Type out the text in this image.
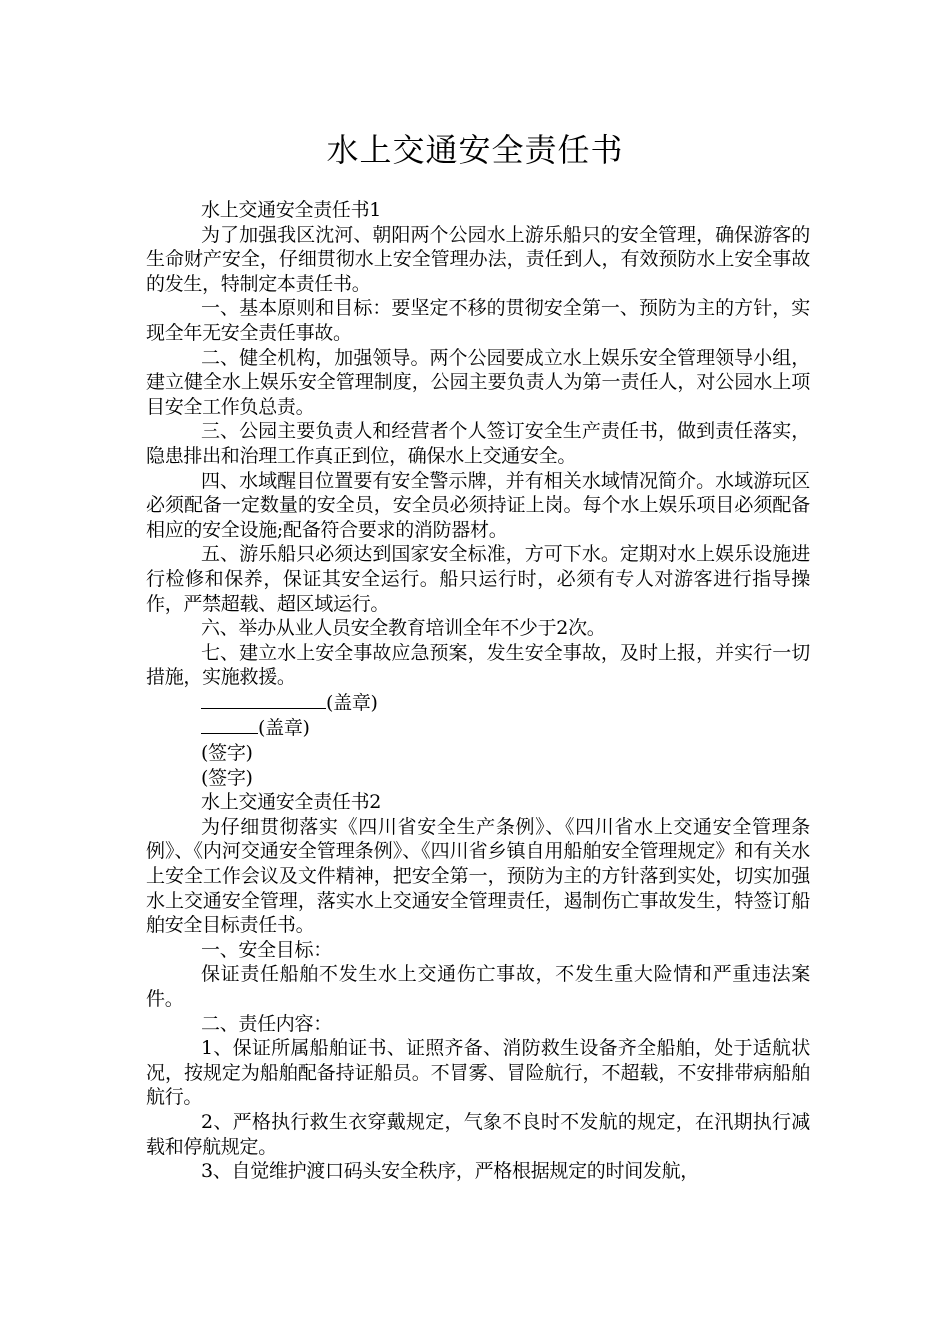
水上交通安全责任书

水上交通安全责任书1

为了加强我区沈河、朝阳两个公园水上游乐船只的安全管理，确保游客的生命财产安全，仔细贯彻水上安全管理办法，责任到人，有效预防水上安全事故的发生，特制定本责任书。

一、基本原则和目标：要坚定不移的贯彻安全第一、预防为主的方针，实现全年无安全责任事故。

二、健全机构，加强领导。两个公园要成立水上娱乐安全管理领导小组，建立健全水上娱乐安全管理制度，公园主要负责人为第一责任人，对公园水上项目安全工作负总责。

三、公园主要负责人和经营者个人签订安全生产责任书，做到责任落实，隐患排出和治理工作真正到位，确保水上交通安全。

四、水域醒目位置要有安全警示牌，并有相关水域情况简介。水域游玩区必须配备一定数量的安全员，安全员必须持证上岗。每个水上娱乐项目必须配备相应的安全设施;配备符合要求的消防器材。

五、游乐船只必须达到国家安全标准，方可下水。定期对水上娱乐设施进行检修和保养，保证其安全运行。船只运行时，必须有专人对游客进行指导操作，严禁超载、超区域运行。

六、举办从业人员安全教育培训全年不少于2次。

七、建立水上安全事故应急预案，发生安全事故，及时上报，并实行一切措施，实施救援。

(盖章)

(盖章)

(签字)

(签字)

水上交通安全责任书2

为仔细贯彻落实《四川省安全生产条例》、《四川省水上交通安全管理条例》、《内河交通安全管理条例》、《四川省乡镇自用船舶安全管理规定》和有关水上安全工作会议及文件精神，把安全第一，预防为主的方针落到实处，切实加强水上交通安全管理，落实水上交通安全管理责任，遏制伤亡事故发生，特签订船舶安全目标责任书。

一、安全目标：

保证责任船舶不发生水上交通伤亡事故，不发生重大险情和严重违法案件。

二、责任内容：

1、保证所属船舶证书、证照齐备、消防救生设备齐全船舶，处于适航状况，按规定为船舶配备持证船员。不冒雾、冒险航行，不超载，不安排带病船舶航行。

2、严格执行救生衣穿戴规定，气象不良时不发航的规定，在汛期执行减载和停航规定。

3、自觉维护渡口码头安全秩序，严格根据规定的时间发航，
